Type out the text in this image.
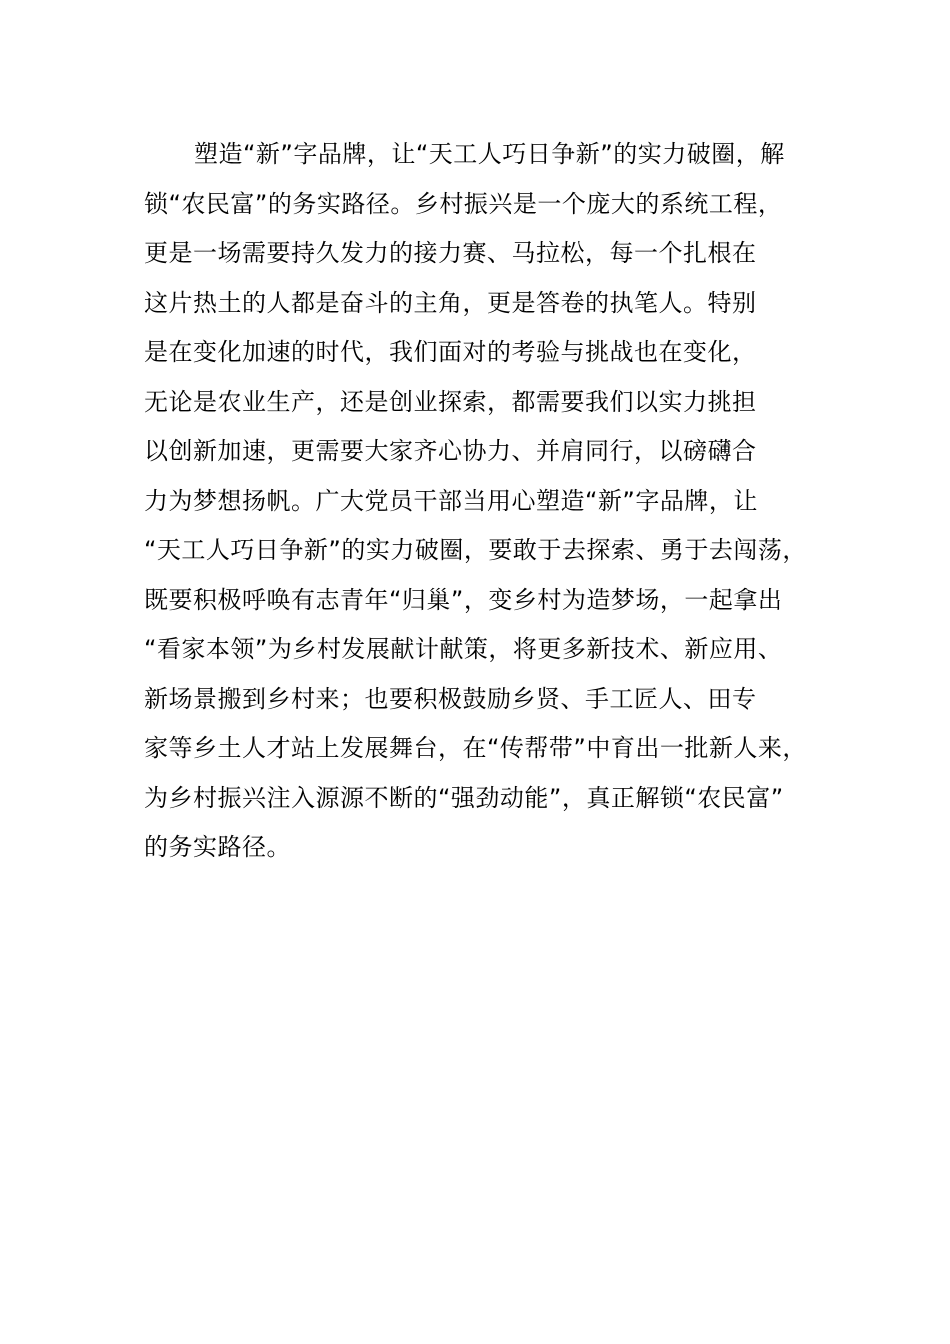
塑造“新”字品牌，让“天工人巧日争新”的实力破圈，解
锁“农民富”的务实路径。乡村振兴是一个庞大的系统工程，
更是一场需要持久发力的接力赛、马拉松，每一个扎根在
这片热土的人都是奋斗的主角，更是答卷的执笔人。特别
是在变化加速的时代，我们面对的考验与挑战也在变化，
无论是农业生产，还是创业探索，都需要我们以实力挑担
以创新加速，更需要大家齐心协力、并肩同行，以磅礴合
力为梦想扬帆。广大党员干部当用心塑造“新”字品牌，让
“天工人巧日争新”的实力破圈，要敢于去探索、勇于去闯荡，
既要积极呼唤有志青年“归巢”，变乡村为造梦场，一起拿出
“看家本领”为乡村发展献计献策，将更多新技术、新应用、
新场景搬到乡村来；也要积极鼓励乡贤、手工匠人、田专
家等乡土人才站上发展舞台，在“传帮带”中育出一批新人来，
为乡村振兴注入源源不断的“强劲动能”，真正解锁“农民富”
的务实路径。
